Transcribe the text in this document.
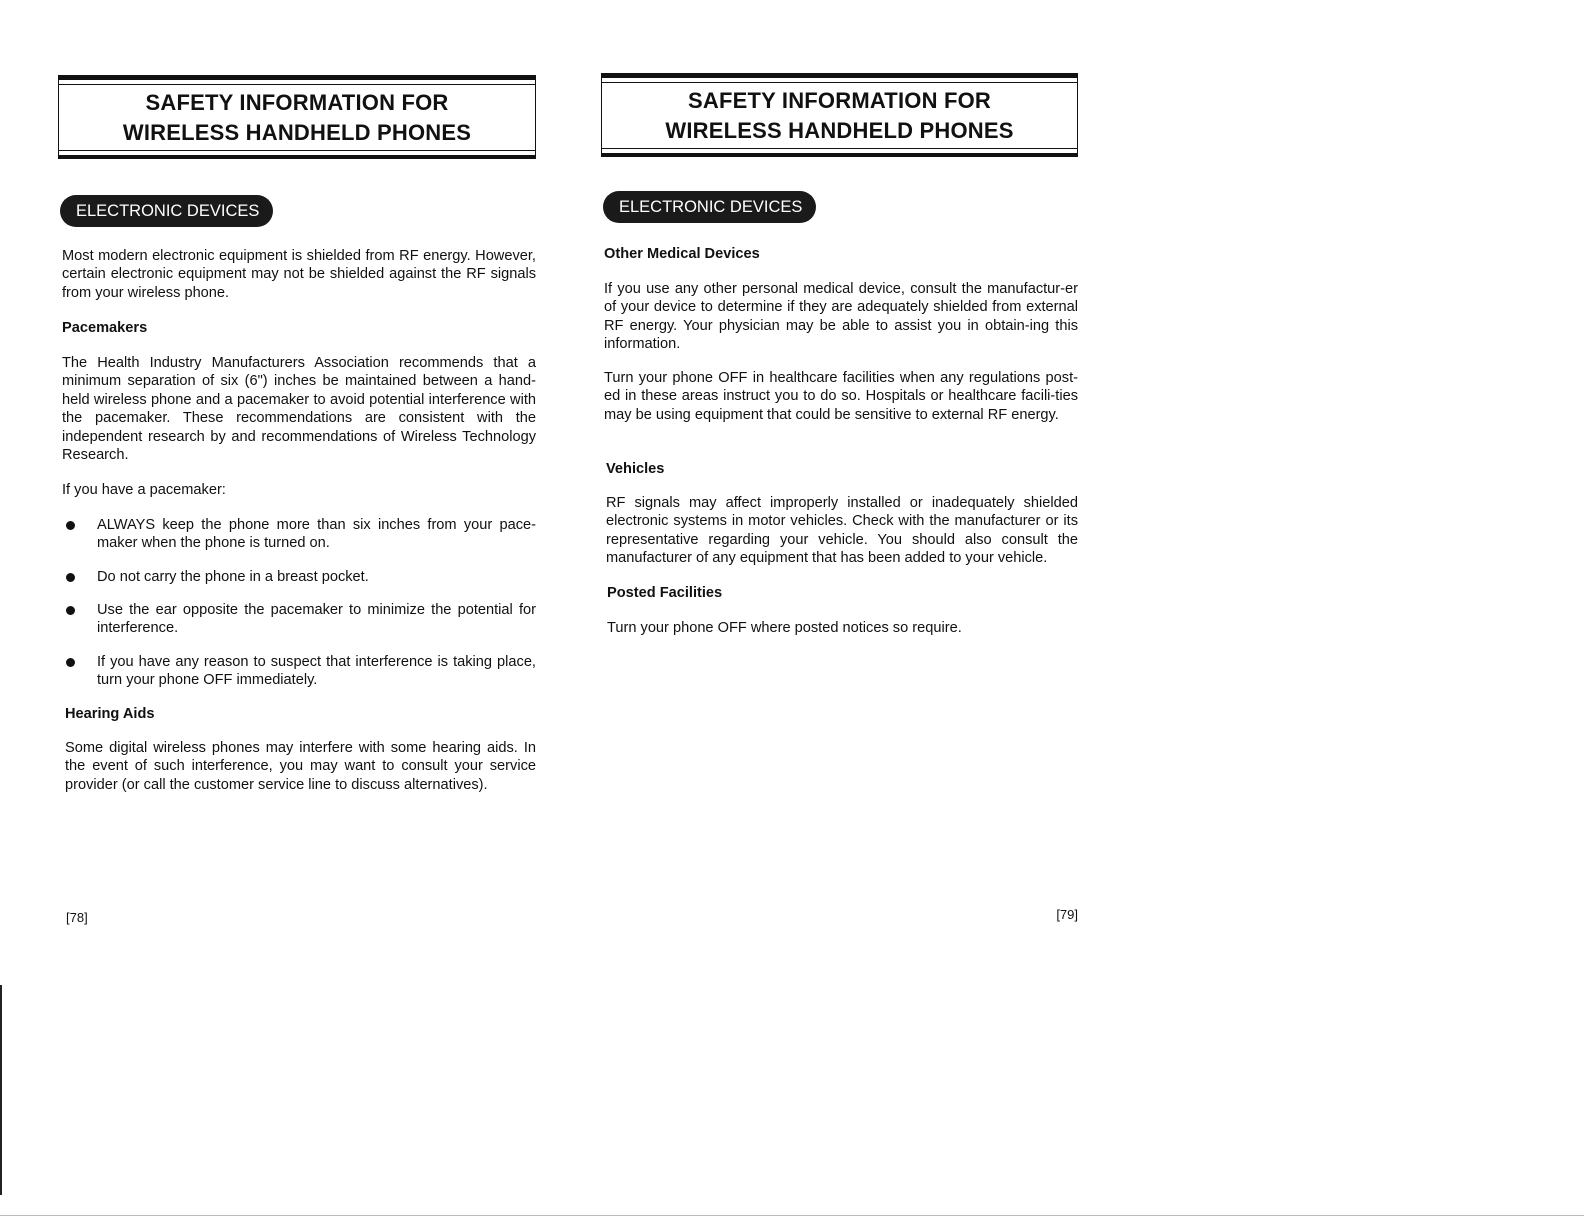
SAFETY INFORMATION FOR
WIRELESS HANDHELD PHONES
ELECTRONIC DEVICES

Most modern electronic equipment is shielded from RF energy. However, certain electronic equipment may not be shielded against the RF signals from your wireless phone.

Pacemakers

The Health Industry Manufacturers Association recommends that a minimum separation of six (6") inches be maintained between a hand-held wireless phone and a pacemaker to avoid potential interference with the pacemaker. These recommendations are consistent with the independent research by and recommendations of Wireless Technology Research.

If you have a pacemaker:

ALWAYS keep the phone more than six inches from your pace-maker when the phone is turned on.
Do not carry the phone in a breast pocket.
Use the ear opposite the pacemaker to minimize the potential for interference.
If you have any reason to suspect that interference is taking place, turn your phone OFF immediately.

Hearing Aids

Some digital wireless phones may interfere with some hearing aids. In the event of such interference, you may want to consult your service provider (or call the customer service line to discuss alternatives).

[78]
SAFETY INFORMATION FOR
WIRELESS HANDHELD PHONES
ELECTRONIC DEVICES

Other Medical Devices

If you use any other personal medical device, consult the manufactur-er of your device to determine if they are adequately shielded from external RF energy. Your physician may be able to assist you in obtain-ing this information.

Turn your phone OFF in healthcare facilities when any regulations post-ed in these areas instruct you to do so. Hospitals or healthcare facili-ties may be using equipment that could be sensitive to external RF energy.

Vehicles

RF signals may affect improperly installed or inadequately shielded electronic systems in motor vehicles. Check with the manufacturer or its representative regarding your vehicle. You should also consult the manufacturer of any equipment that has been added to your vehicle.

Posted Facilities

Turn your phone OFF where posted notices so require.

[79]
